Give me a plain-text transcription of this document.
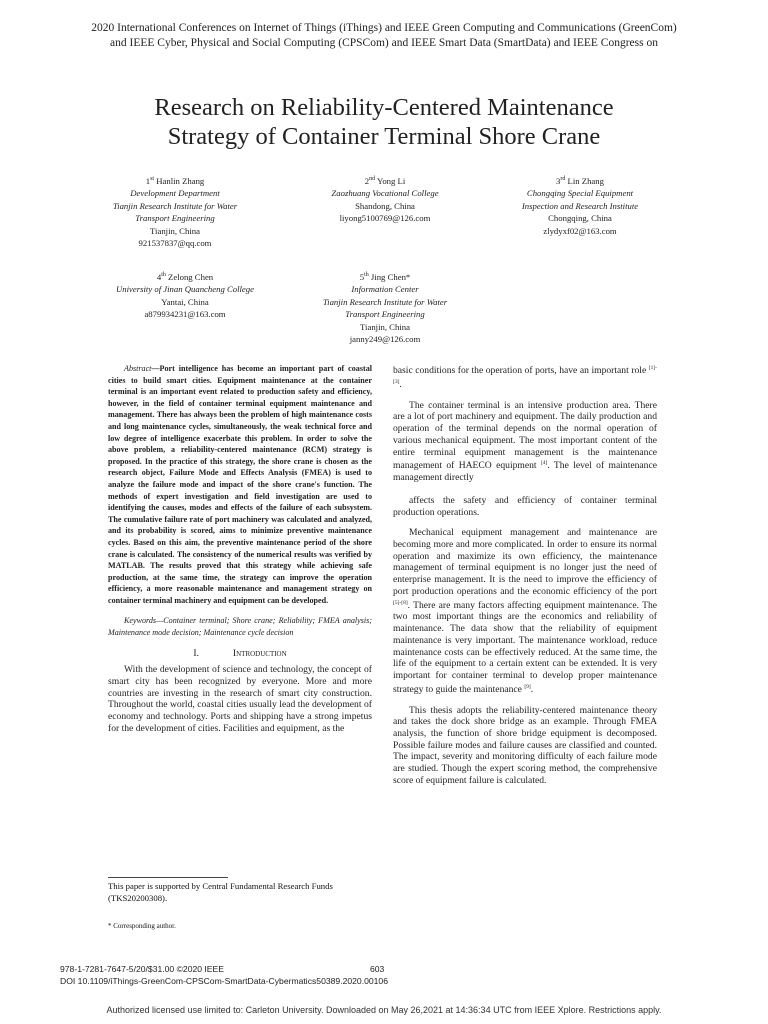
2020 International Conferences on Internet of Things (iThings) and IEEE Green Computing and Communications (GreenCom)
and IEEE Cyber, Physical and Social Computing (CPSCom) and IEEE Smart Data (SmartData) and IEEE Congress on
Research on Reliability-Centered Maintenance
Strategy of Container Terminal Shore Crane
1st Hanlin Zhang
Development Department
Tianjin Research Institute for Water
Transport Engineering
Tianjin, China
921537837@qq.com
2nd Yong Li
Zaozhuang Vocational College
Shandong, China
liyong5100769@126.com
3rd Lin Zhang
Chongqing Special Equipment
Inspection and Research Institute
Chongqing, China
zlydyxf02@163.com
4th Zelong Chen
University of Jinan Quancheng College
Yantai, China
a879934231@163.com
5th Jing Chen*
Information Center
Tianjin Research Institute for Water
Transport Engineering
Tianjin, China
janny249@126.com

Abstract—Port intelligence has become an important part of coastal cities to build smart cities. Equipment maintenance at the container terminal is an important event related to production safety and efficiency, however, in the field of container terminal equipment maintenance and management. There has always been the problem of high maintenance costs and long maintenance cycles, simultaneously, the weak technical force and low degree of intelligence exacerbate this problem. In order to solve the above problem, a reliability-centered maintenance (RCM) strategy is proposed. In the practice of this strategy, the shore crane is chosen as the research object, Failure Mode and Effects Analysis (FMEA) is used to analyze the failure mode and impact of the shore crane's function. The methods of expert investigation and field investigation are used to identifying the causes, modes and effects of the failure of each subsystem. The cumulative failure rate of port machinery was calculated and analyzed, and its probability is scored, aims to minimize preventive maintenance cycles. Based on this aim, the preventive maintenance period of the shore crane is calculated. The consistency of the numerical results was verified by MATLAB. The results proved that this strategy while achieving safe production, at the same time, the strategy can improve the operation efficiency, a more reasonable maintenance and management strategy on container terminal machinery and equipment can be developed.

Keywords—Container terminal; Shore crane; Reliability; FMEA analysis; Maintenance mode decision; Maintenance cycle decision

I.	Introduction

With the development of science and technology, the concept of smart city has been recognized by everyone. More and more countries are investing in the research of smart city construction. Throughout the world, coastal cities usually lead the development of economy and technology. Ports and shipping have a strong impetus for the development of cities. Facilities and equipment, as the

This paper is supported by Central Fundamental Research Funds (TKS20200308).
* Corresponding author.

basic conditions for the operation of ports, have an important role [1]-[3].

The container terminal is an intensive production area. There are a lot of port machinery and equipment. The daily production and operation of the terminal depends on the normal operation of various mechanical equipment. The most important content of the entire terminal equipment management is the maintenance management of HAECO equipment [4]. The level of maintenance management directly

affects the safety and efficiency of container terminal production operations.

Mechanical equipment management and maintenance are becoming more and more complicated. In order to ensure its normal operation and maximize its own efficiency, the maintenance management of terminal equipment is no longer just the need of enterprise management. It is the need to improve the efficiency of port production operations and the economic efficiency of the port [5]-[8]. There are many factors affecting equipment maintenance. The two most important things are the economics and reliability of maintenance. The data show that the reliability of equipment maintenance is very important. The maintenance workload, reduce maintenance costs can be effectively reduced. At the same time, the life of the equipment to a certain extent can be extended. It is very important for container terminal to develop proper maintenance strategy to guide the maintenance [9].

This thesis adopts the reliability-centered maintenance theory and takes the dock shore bridge as an example. Through FMEA analysis, the function of shore bridge equipment is decomposed. Possible failure modes and failure causes are classified and counted. The impact, severity and monitoring difficulty of each failure mode are studied. Though the expert scoring method, the comprehensive score of equipment failure is calculated.

978-1-7281-7647-5/20/$31.00 ©2020 IEEE	603
DOI 10.1109/iThings-GreenCom-CPSCom-SmartData-Cybermatics50389.2020.00106
Authorized licensed use limited to: Carleton University. Downloaded on May 26,2021 at 14:36:34 UTC from IEEE Xplore. Restrictions apply.
